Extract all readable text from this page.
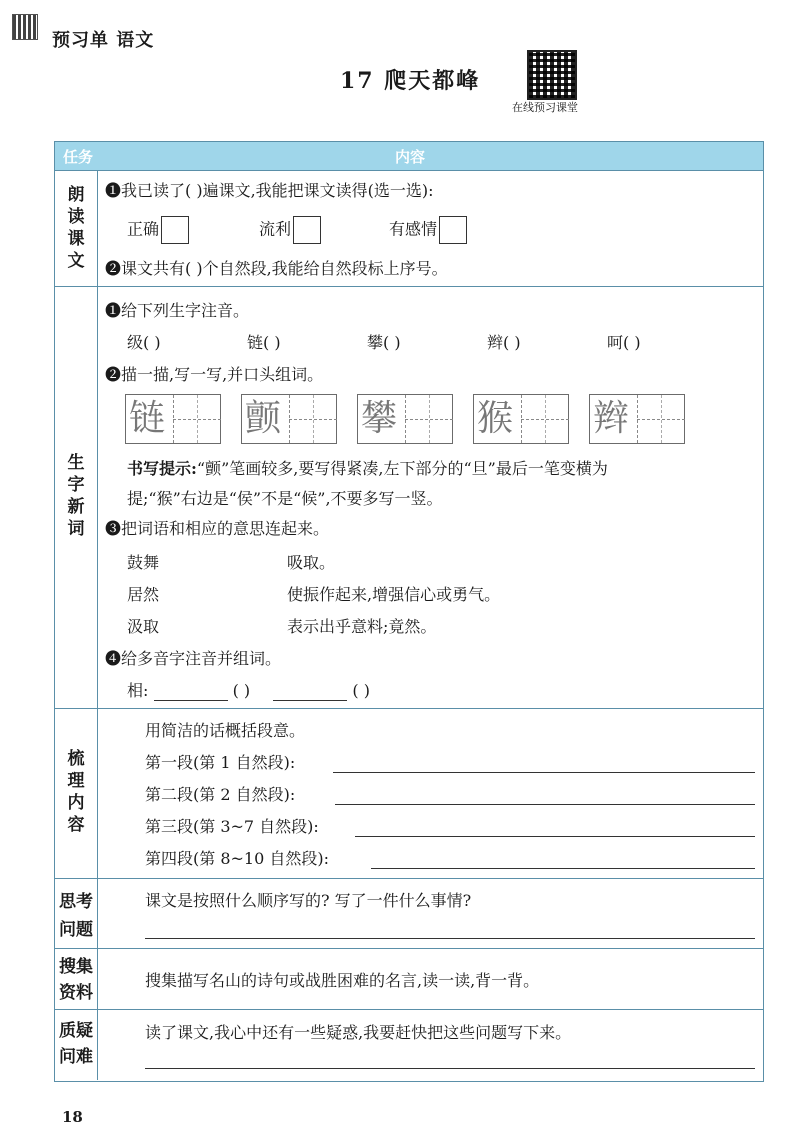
预习单 语文
17 爬天都峰
在线预习课堂
任务	内容
朗读课文
❶我已读了( )遍课文,我能把课文读得(选一选):
正确	流利	有感情
❷课文共有( )个自然段,我能给自然段标上序号。
生字新词
❶给下列生字注音。
级( )	链( )	攀( )	辫( )	呵( )
❷描一描,写一写,并口头组词。
链 颤 攀 猴 辫
书写提示:“颤”笔画较多,要写得紧凑,左下部分的“旦”最后一笔变横为
提;“猴”右边是“侯”不是“候”,不要多写一竖。
❸把词语和相应的意思连起来。
鼓舞	吸取。
居然	使振作起来,增强信心或勇气。
汲取	表示出乎意料;竟然。
❹给多音字注音并组词。
相:	( )	( )
梳理内容
用简洁的话概括段意。
第一段(第 1 自然段):
第二段(第 2 自然段):
第三段(第 3~7 自然段):
第四段(第 8~10 自然段):
思考问题
课文是按照什么顺序写的? 写了一件什么事情?
搜集资料
搜集描写名山的诗句或战胜困难的名言,读一读,背一背。
质疑问难
读了课文,我心中还有一些疑惑,我要赶快把这些问题写下来。
18
